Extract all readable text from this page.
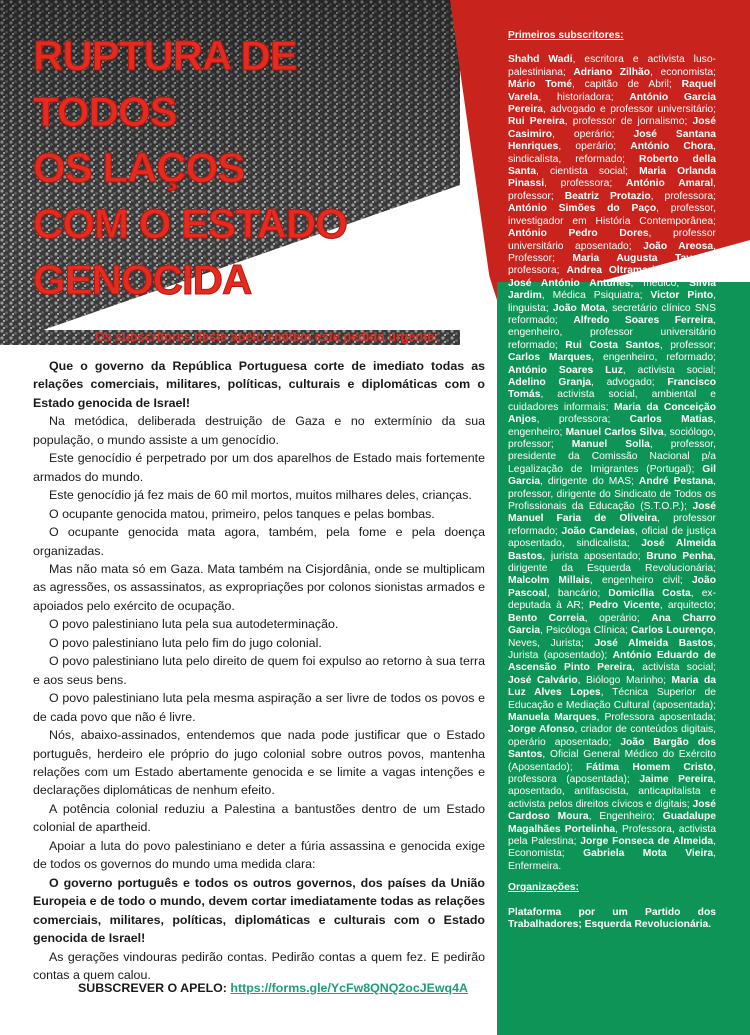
RUPTURA DE TODOS
OS LAÇOS
COM O ESTADO
GENOCIDA
Primeiros subscritores:
Shahd Wadi, escritora e activista luso-palestiniana; Adriano Zilhão, economista; Mário Tomé, capitão de Abril; Raquel Varela, historiadora; António Garcia Pereira, advogado e professor universitário; Rui Pereira, professor de jornalismo; José Casimiro, operário; José Santana Henriques, operário; António Chora, sindicalista, reformado; Roberto della Santa, cientista social; Maria Orlanda Pinassi, professora; António Amaral, professor; Beatriz Protazio, professora; António Simões do Paço, professor, investigador em História Contemporânea; António Pedro Dores, professor universitário aposentado; João Areosa, Professor; Maria Augusta Tavares, professora; Andrea Oltramari, professora; José António Antunes, médico; Sílvia Jardim, Médica Psiquiatra; Victor Pinto, linguista; João Mota, secretário clínico SNS reformado; Alfredo Soares Ferreira, engenheiro, professor universitário reformado; Rui Costa Santos, professor; Carlos Marques, engenheiro, reformado; António Soares Luz, activista social; Adelino Granja, advogado; Francisco Tomás, activista social, ambiental e cuidadores informais; Maria da Conceição Anjos, professora; Carlos Matias, engenheiro; Manuel Carlos Silva, sociólogo, professor; Manuel Solla, professor, presidente da Comissão Nacional p/a Legalização de Imigrantes (Portugal); Gil Garcia, dirigente do MAS; André Pestana, professor, dirigente do Sindicato de Todos os Profissionais da Educação (S.T.O.P.); José Manuel Faria de Oliveira, professor reformado; João Candeias, oficial de justiça aposentado, sindicalista; José Almeida Bastos, jurista aposentado; Bruno Penha, dirigente da Esquerda Revolucionária; Malcolm Millais, engenheiro civil; João Pascoal, bancário; Domicília Costa, ex-deputada à AR; Pedro Vicente, arquitecto; Bento Correia, operário; Ana Charro Garcia, Psicóloga Clínica; Carlos Lourenço, Neves, Jurista; José Almeida Bastos, Jurista (aposentado); António Eduardo de Ascensão Pinto Pereira, activista social; José Calvário, Biólogo Marinho; Maria da Luz Alves Lopes, Técnica Superior de Educação e Mediação Cultural (aposentada); Manuela Marques, Professora aposentada; Jorge Afonso, criador de conteúdos digitais, operário aposentado; João Bargão dos Santos, Oficial General Médico do Exército (Aposentado); Fátima Homem Cristo, professora (aposentada); Jaime Pereira, aposentado, antifascista, anticapitalista e activista pelos direitos cívicos e digitais; José Cardoso Moura, Engenheiro; Guadalupe Magalhães Portelinha, Professora, activista pela Palestina; Jorge Fonseca de Almeida, Economista; Gabriela Mota Vieira, Enfermeira.
Organizações:
Plataforma por um Partido dos Trabalhadores; Esquerda Revolucionária.

Os subscritores deste apelo emitem este pedido urgente:

Que o governo da República Portuguesa corte de imediato todas as relações comerciais, militares, políticas, culturais e diplomáticas com o Estado genocida de Israel!

Na metódica, deliberada destruição de Gaza e no extermínio da sua população, o mundo assiste a um genocídio.

Este genocídio é perpetrado por um dos aparelhos de Estado mais fortemente armados do mundo.

Este genocídio já fez mais de 60 mil mortos, muitos milhares deles, crianças.

O ocupante genocida matou, primeiro, pelos tanques e pelas bombas.

O ocupante genocida mata agora, também, pela fome e pela doença organizadas.

Mas não mata só em Gaza. Mata também na Cisjordânia, onde se multiplicam as agressões, os assassinatos, as expropriações por colonos sionistas armados e apoiados pelo exército de ocupação.

O povo palestiniano luta pela sua autodeterminação.

O povo palestiniano luta pelo fim do jugo colonial.

O povo palestiniano luta pelo direito de quem foi expulso ao retorno à sua terra e aos seus bens.

O povo palestiniano luta pela mesma aspiração a ser livre de todos os povos e de cada povo que não é livre.

Nós, abaixo-assinados, entendemos que nada pode justificar que o Estado português, herdeiro ele próprio do jugo colonial sobre outros povos, mantenha relações com um Estado abertamente genocida e se limite a vagas intenções e declarações diplomáticas de nenhum efeito.

A potência colonial reduziu a Palestina a bantustões dentro de um Estado colonial de apartheid.

Apoiar a luta do povo palestiniano e deter a fúria assassina e genocida exige de todos os governos do mundo uma medida clara:

O governo português e todos os outros governos, dos países da União Europeia e de todo o mundo, devem cortar imediatamente todas as relações comerciais, militares, políticas, diplomáticas e culturais com o Estado genocida de Israel!

As gerações vindouras pedirão contas. Pedirão contas a quem fez. E pedirão contas a quem calou.

SUBSCREVER O APELO: https://forms.gle/YcFw8QNQ2ocJEwq4A
